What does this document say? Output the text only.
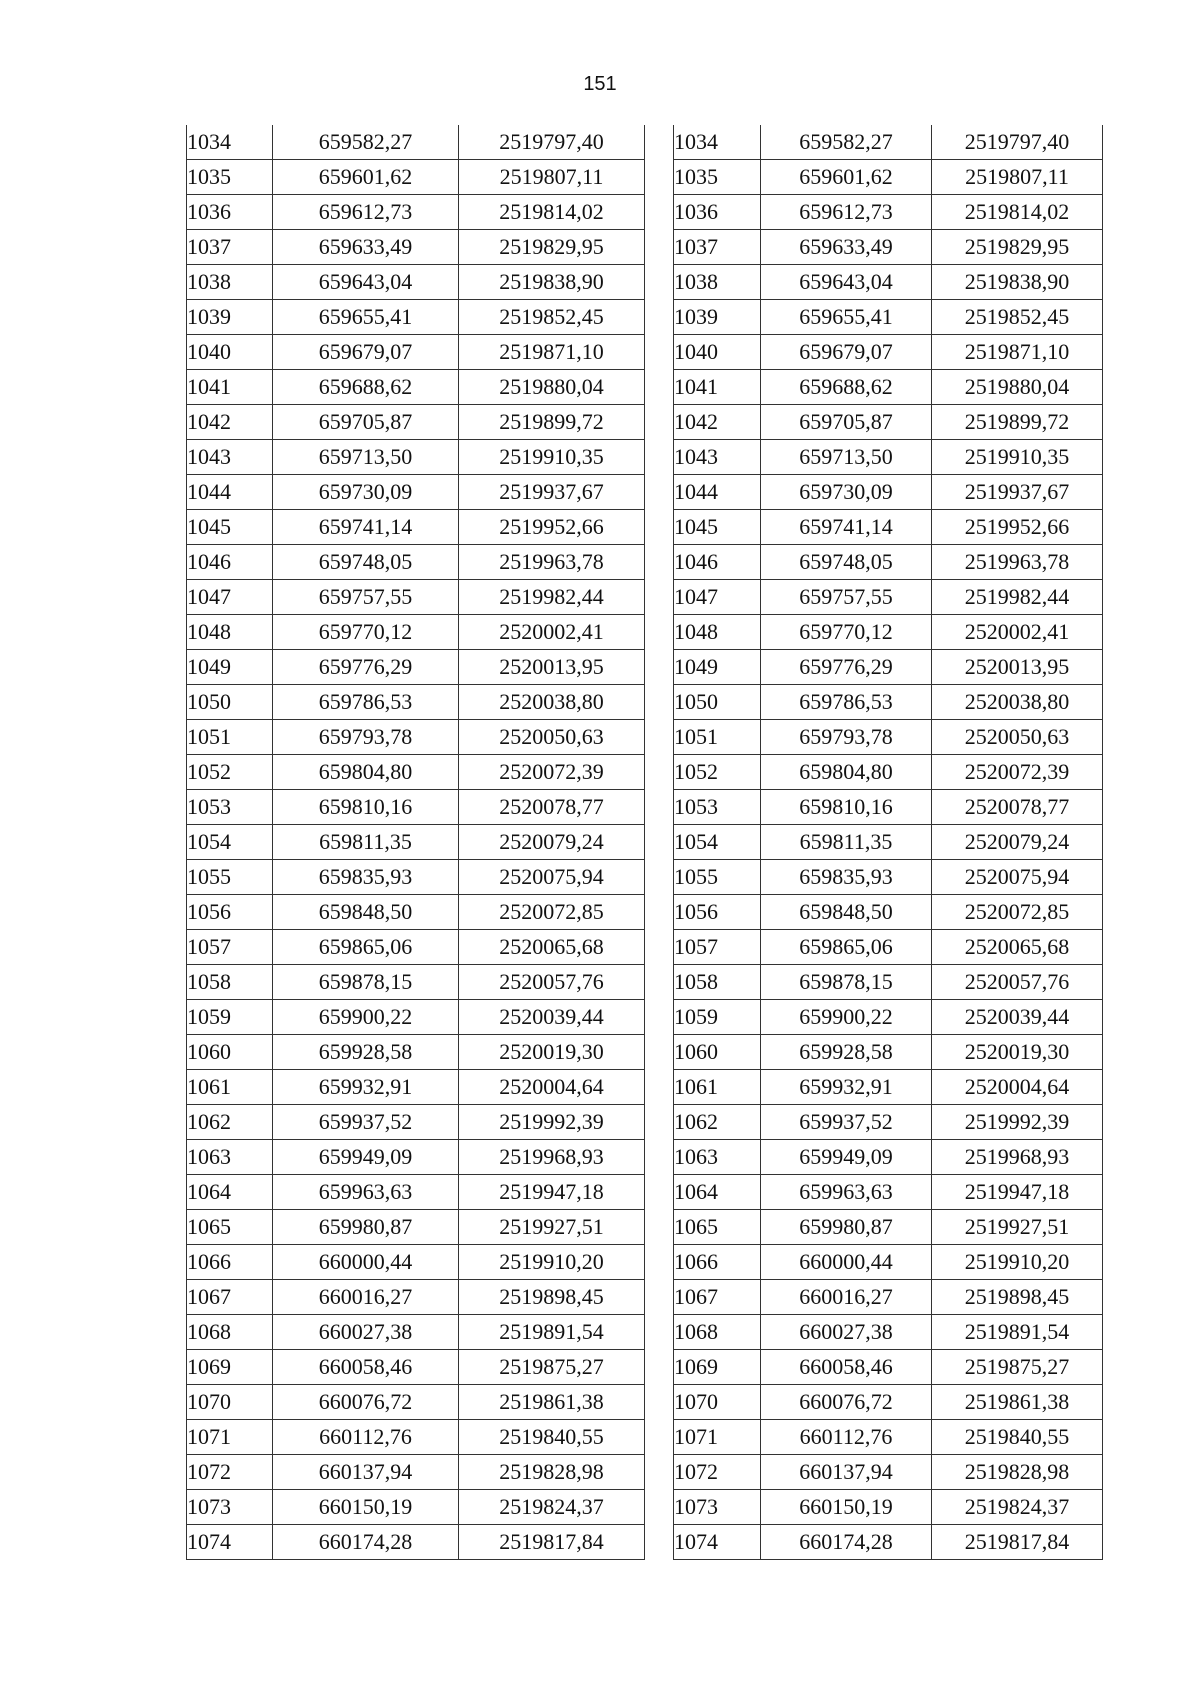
151
1034	659582,27	2519797,40
1035	659601,62	2519807,11
1036	659612,73	2519814,02
1037	659633,49	2519829,95
1038	659643,04	2519838,90
1039	659655,41	2519852,45
1040	659679,07	2519871,10
1041	659688,62	2519880,04
1042	659705,87	2519899,72
1043	659713,50	2519910,35
1044	659730,09	2519937,67
1045	659741,14	2519952,66
1046	659748,05	2519963,78
1047	659757,55	2519982,44
1048	659770,12	2520002,41
1049	659776,29	2520013,95
1050	659786,53	2520038,80
1051	659793,78	2520050,63
1052	659804,80	2520072,39
1053	659810,16	2520078,77
1054	659811,35	2520079,24
1055	659835,93	2520075,94
1056	659848,50	2520072,85
1057	659865,06	2520065,68
1058	659878,15	2520057,76
1059	659900,22	2520039,44
1060	659928,58	2520019,30
1061	659932,91	2520004,64
1062	659937,52	2519992,39
1063	659949,09	2519968,93
1064	659963,63	2519947,18
1065	659980,87	2519927,51
1066	660000,44	2519910,20
1067	660016,27	2519898,45
1068	660027,38	2519891,54
1069	660058,46	2519875,27
1070	660076,72	2519861,38
1071	660112,76	2519840,55
1072	660137,94	2519828,98
1073	660150,19	2519824,37
1074	660174,28	2519817,84
1034	659582,27	2519797,40
1035	659601,62	2519807,11
1036	659612,73	2519814,02
1037	659633,49	2519829,95
1038	659643,04	2519838,90
1039	659655,41	2519852,45
1040	659679,07	2519871,10
1041	659688,62	2519880,04
1042	659705,87	2519899,72
1043	659713,50	2519910,35
1044	659730,09	2519937,67
1045	659741,14	2519952,66
1046	659748,05	2519963,78
1047	659757,55	2519982,44
1048	659770,12	2520002,41
1049	659776,29	2520013,95
1050	659786,53	2520038,80
1051	659793,78	2520050,63
1052	659804,80	2520072,39
1053	659810,16	2520078,77
1054	659811,35	2520079,24
1055	659835,93	2520075,94
1056	659848,50	2520072,85
1057	659865,06	2520065,68
1058	659878,15	2520057,76
1059	659900,22	2520039,44
1060	659928,58	2520019,30
1061	659932,91	2520004,64
1062	659937,52	2519992,39
1063	659949,09	2519968,93
1064	659963,63	2519947,18
1065	659980,87	2519927,51
1066	660000,44	2519910,20
1067	660016,27	2519898,45
1068	660027,38	2519891,54
1069	660058,46	2519875,27
1070	660076,72	2519861,38
1071	660112,76	2519840,55
1072	660137,94	2519828,98
1073	660150,19	2519824,37
1074	660174,28	2519817,84
